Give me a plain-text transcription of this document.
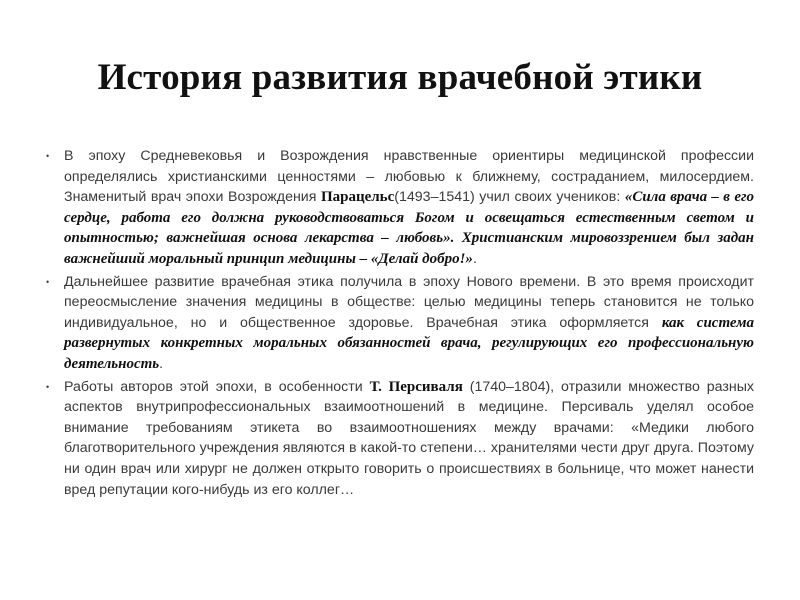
История развития врачебной этики
• В эпоху Средневековья и Возрождения нравственные ориентиры медицинской профессии определялись христианскими ценностями – любовью к ближнему, состраданием, милосердием. Знаменитый врач эпохи Возрождения Парацельс(1493–1541) учил своих учеников: «Сила врача – в его сердце, работа его должна руководствоваться Богом и освещаться естественным светом и опытностью; важнейшая основа лекарства – любовь». Христианским мировоззрением был задан важнейший моральный принцип медицины – «Делай добро!».
• Дальнейшее развитие врачебная этика получила в эпоху Нового времени. В это время происходит переосмысление значения медицины в обществе: целью медицины теперь становится не только индивидуальное, но и общественное здоровье. Врачебная этика оформляется как система развернутых конкретных моральных обязанностей врача, регулирующих его профессиональную деятельность.
• Работы авторов этой эпохи, в особенности Т. Персиваля (1740–1804), отразили множество разных аспектов внутрипрофессиональных взаимоотношений в медицине. Персиваль уделял особое внимание требованиям этикета во взаимоотношениях между врачами: «Медики любого благотворительного учреждения являются в какой-то степени… хранителями чести друг друга. Поэтому ни один врач или хирург не должен открыто говорить о происшествиях в больнице, что может нанести вред репутации кого-нибудь из его коллег…
